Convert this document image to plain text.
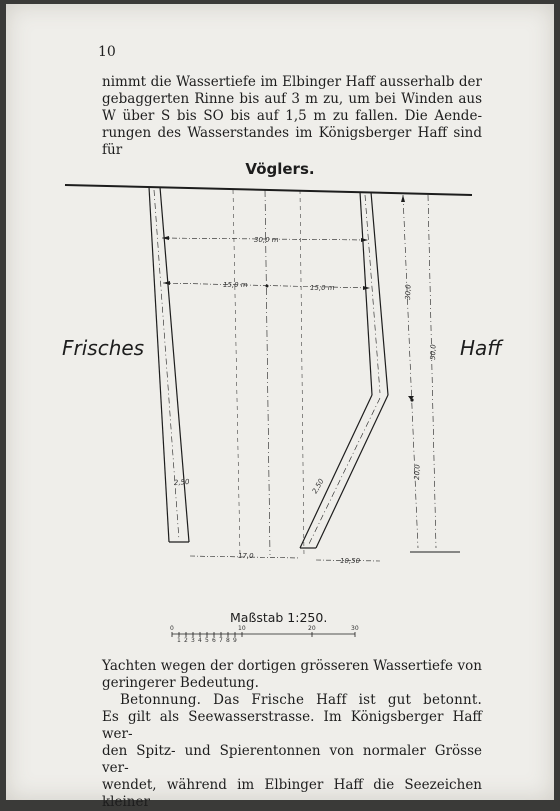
10
nimmt die Wassertiefe im Elbinger Haff ausserhalb der
gebaggerten Rinne bis auf 3 m zu, um bei Winden aus
W über S bis SO bis auf 1,5 m zu fallen. Die Aende-
rungen des Wasserstandes im Königsberger Haff sind für
Vöglers.
Frisches	Haff
30,0 m
15,0 m	15,0 m
2,50	2,50
17,0
10,50
30,0
50,0
20,0
0
1 2 3 4 5 6 7 8 9
10	20	30
Maßstab 1:250.
Yachten wegen der dortigen grösseren Wassertiefe von
geringerer Bedeutung.
Betonnung. Das Frische Haff ist gut betonnt.
Es gilt als Seewasserstrasse. Im Königsberger Haff wer-
den Spitz- und Spierentonnen von normaler Grösse ver-
wendet, während im Elbinger Haff die Seezeichen kleiner
